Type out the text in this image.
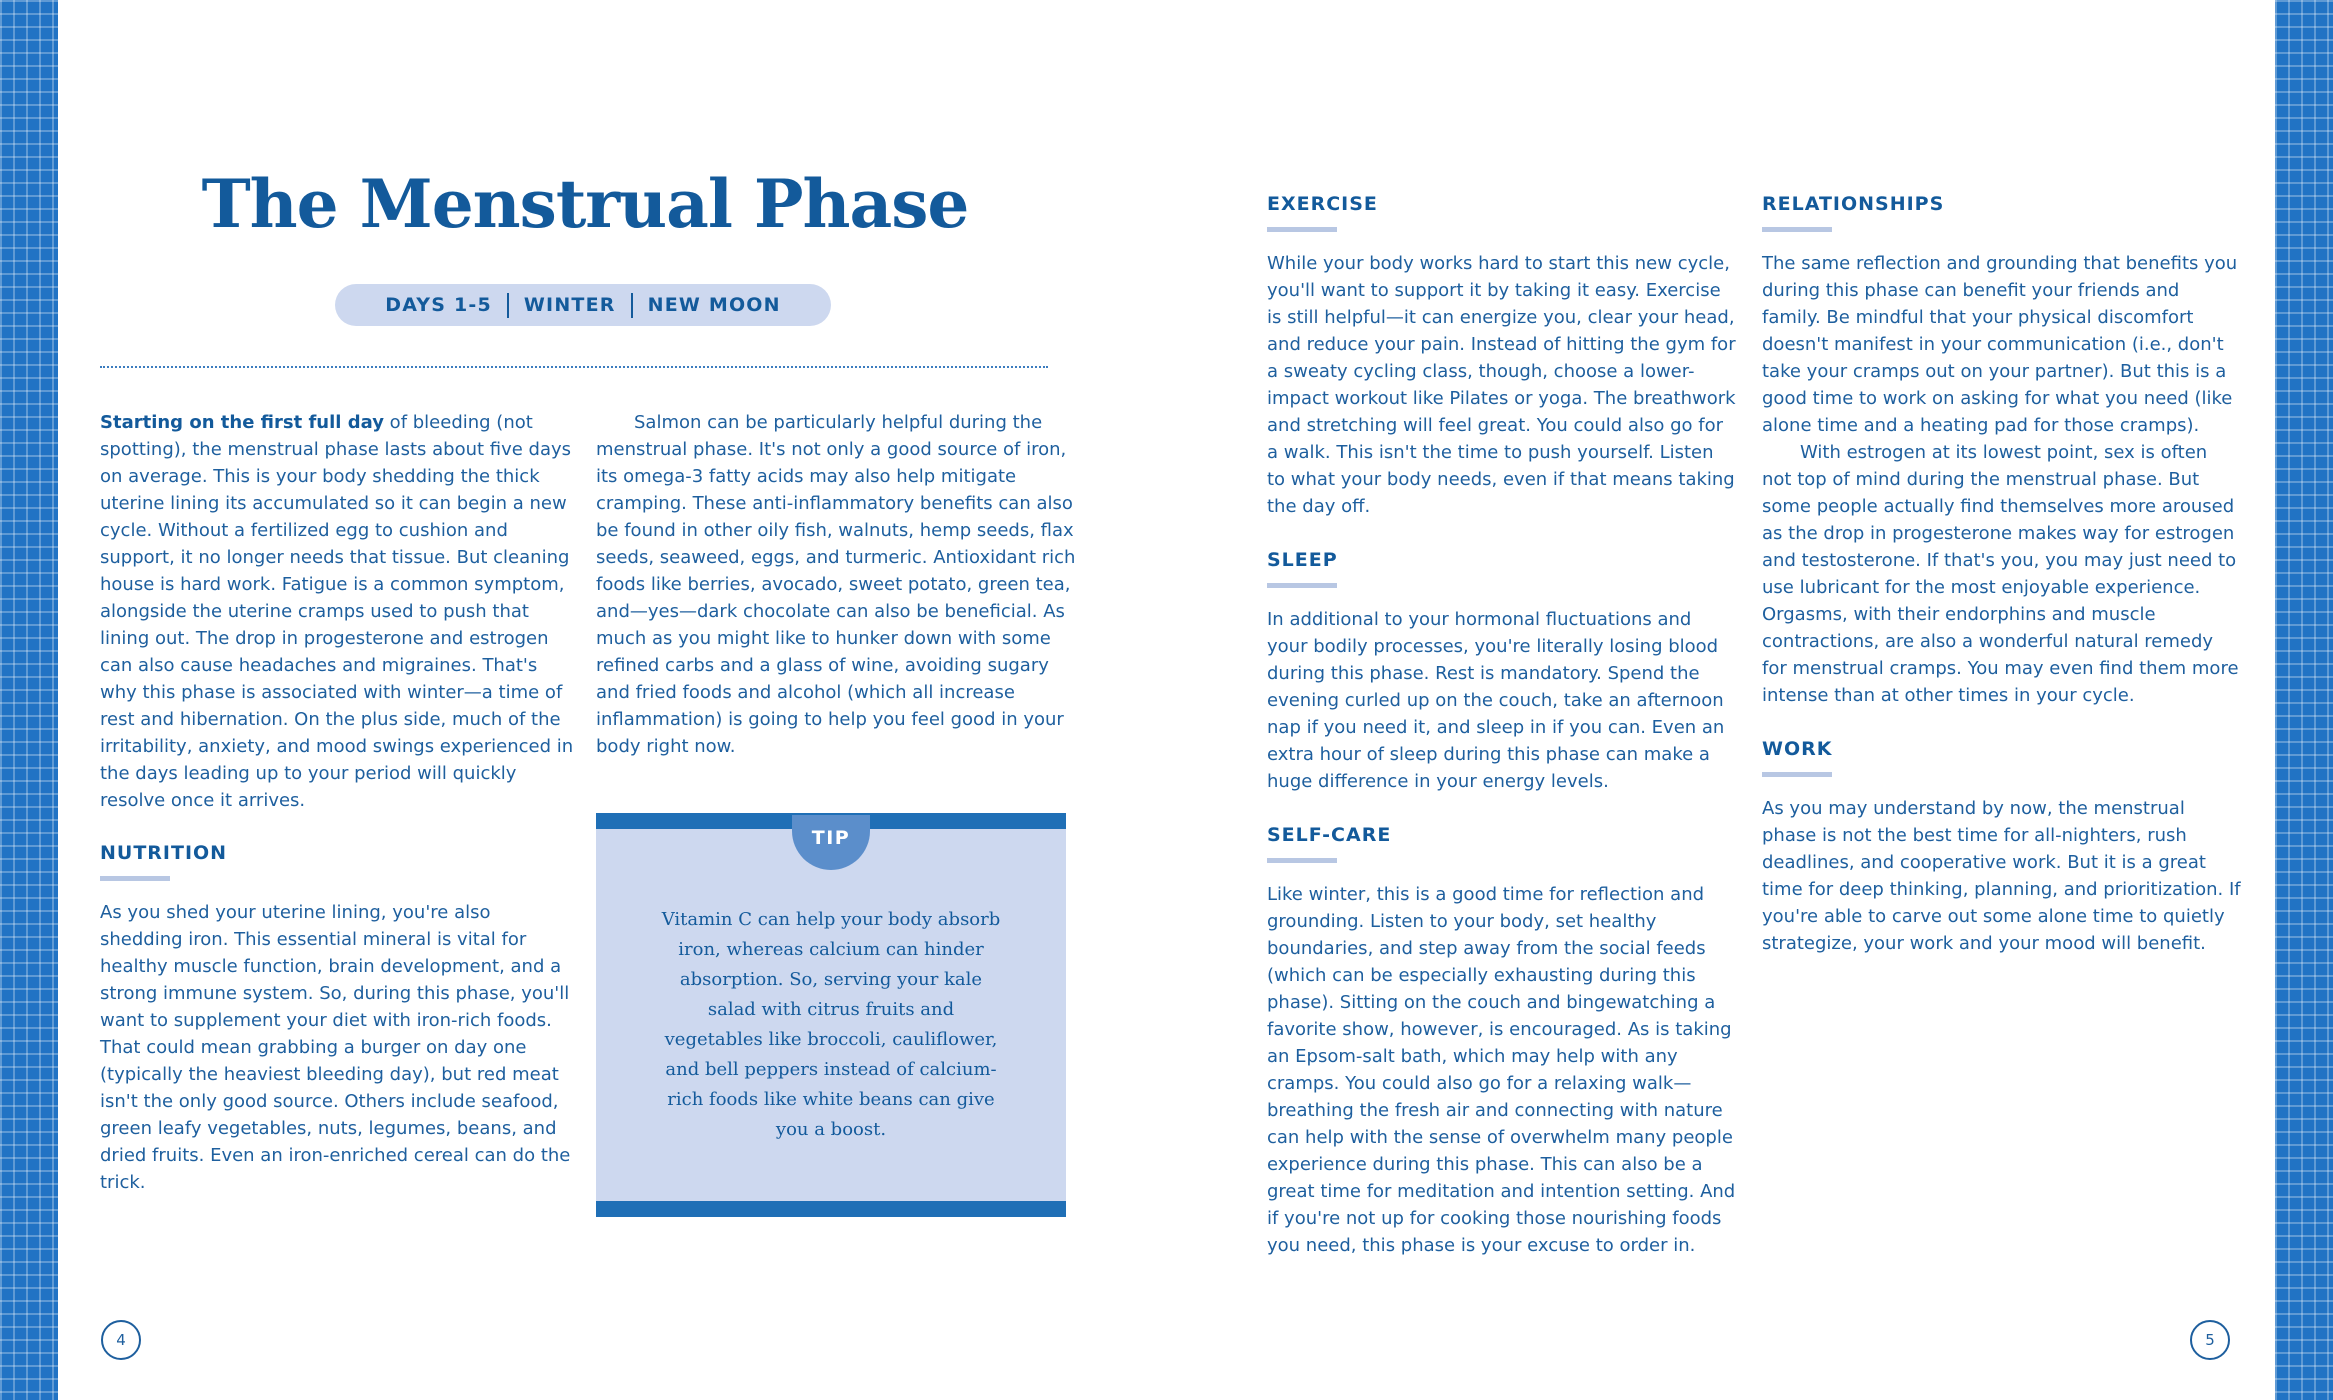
The Menstrual Phase
DAYS 1-5 WINTER NEW MOON

Starting on the first full day of bleeding (not spotting), the menstrual phase lasts about five days on average. This is your body shedding the thick uterine lining its accumulated so it can begin a new cycle. Without a fertilized egg to cushion and support, it no longer needs that tissue. But cleaning house is hard work. Fatigue is a common symptom, alongside the uterine cramps used to push that lining out. The drop in progesterone and estrogen can also cause headaches and migraines. That's why this phase is associated with winter—a time of rest and hibernation. On the plus side, much of the irritability, anxiety, and mood swings experienced in the days leading up to your period will quickly resolve once it arrives.

NUTRITION

As you shed your uterine lining, you're also shedding iron. This essential mineral is vital for healthy muscle function, brain development, and a strong immune system. So, during this phase, you'll want to supplement your diet with iron-rich foods. That could mean grabbing a burger on day one (typically the heaviest bleeding day), but red meat isn't the only good source. Others include seafood, green leafy vegetables, nuts, legumes, beans, and dried fruits. Even an iron-enriched cereal can do the trick.

Salmon can be particularly helpful during the menstrual phase. It's not only a good source of iron, its omega-3 fatty acids may also help mitigate cramping. These anti-inflammatory benefits can also be found in other oily fish, walnuts, hemp seeds, flax seeds, seaweed, eggs, and turmeric. Antioxidant rich foods like berries, avocado, sweet potato, green tea, and—yes—dark chocolate can also be beneficial. As much as you might like to hunker down with some refined carbs and a glass of wine, avoiding sugary and fried foods and alcohol (which all increase inflammation) is going to help you feel good in your body right now.

TIP
Vitamin C can help your body absorb iron, whereas calcium can hinder absorption. So, serving your kale salad with citrus fruits and vegetables like broccoli, cauliflower, and bell peppers instead of calcium-rich foods like white beans can give you a boost.
EXERCISE

While your body works hard to start this new cycle, you'll want to support it by taking it easy. Exercise is still helpful—it can energize you, clear your head, and reduce your pain. Instead of hitting the gym for a sweaty cycling class, though, choose a lower-impact workout like Pilates or yoga. The breathwork and stretching will feel great. You could also go for a walk. This isn't the time to push yourself. Listen to what your body needs, even if that means taking the day off.

SLEEP

In additional to your hormonal fluctuations and your bodily processes, you're literally losing blood during this phase. Rest is mandatory. Spend the evening curled up on the couch, take an afternoon nap if you need it, and sleep in if you can. Even an extra hour of sleep during this phase can make a huge difference in your energy levels.

SELF-CARE

Like winter, this is a good time for reflection and grounding. Listen to your body, set healthy boundaries, and step away from the social feeds (which can be especially exhausting during this phase). Sitting on the couch and bingewatching a favorite show, however, is encouraged. As is taking an Epsom-salt bath, which may help with any cramps. You could also go for a relaxing walk—breathing the fresh air and connecting with nature can help with the sense of overwhelm many people experience during this phase. This can also be a great time for meditation and intention setting. And if you're not up for cooking those nourishing foods you need, this phase is your excuse to order in.

RELATIONSHIPS

The same reflection and grounding that benefits you during this phase can benefit your friends and family. Be mindful that your physical discomfort doesn't manifest in your communication (i.e., don't take your cramps out on your partner). But this is a good time to work on asking for what you need (like alone time and a heating pad for those cramps).

With estrogen at its lowest point, sex is often not top of mind during the menstrual phase. But some people actually find themselves more aroused as the drop in progesterone makes way for estrogen and testosterone. If that's you, you may just need to use lubricant for the most enjoyable experience. Orgasms, with their endorphins and muscle contractions, are also a wonderful natural remedy for menstrual cramps. You may even find them more intense than at other times in your cycle.

WORK

As you may understand by now, the menstrual phase is not the best time for all-nighters, rush deadlines, and cooperative work. But it is a great time for deep thinking, planning, and prioritization. If you're able to carve out some alone time to quietly strategize, your work and your mood will benefit.

4	5
